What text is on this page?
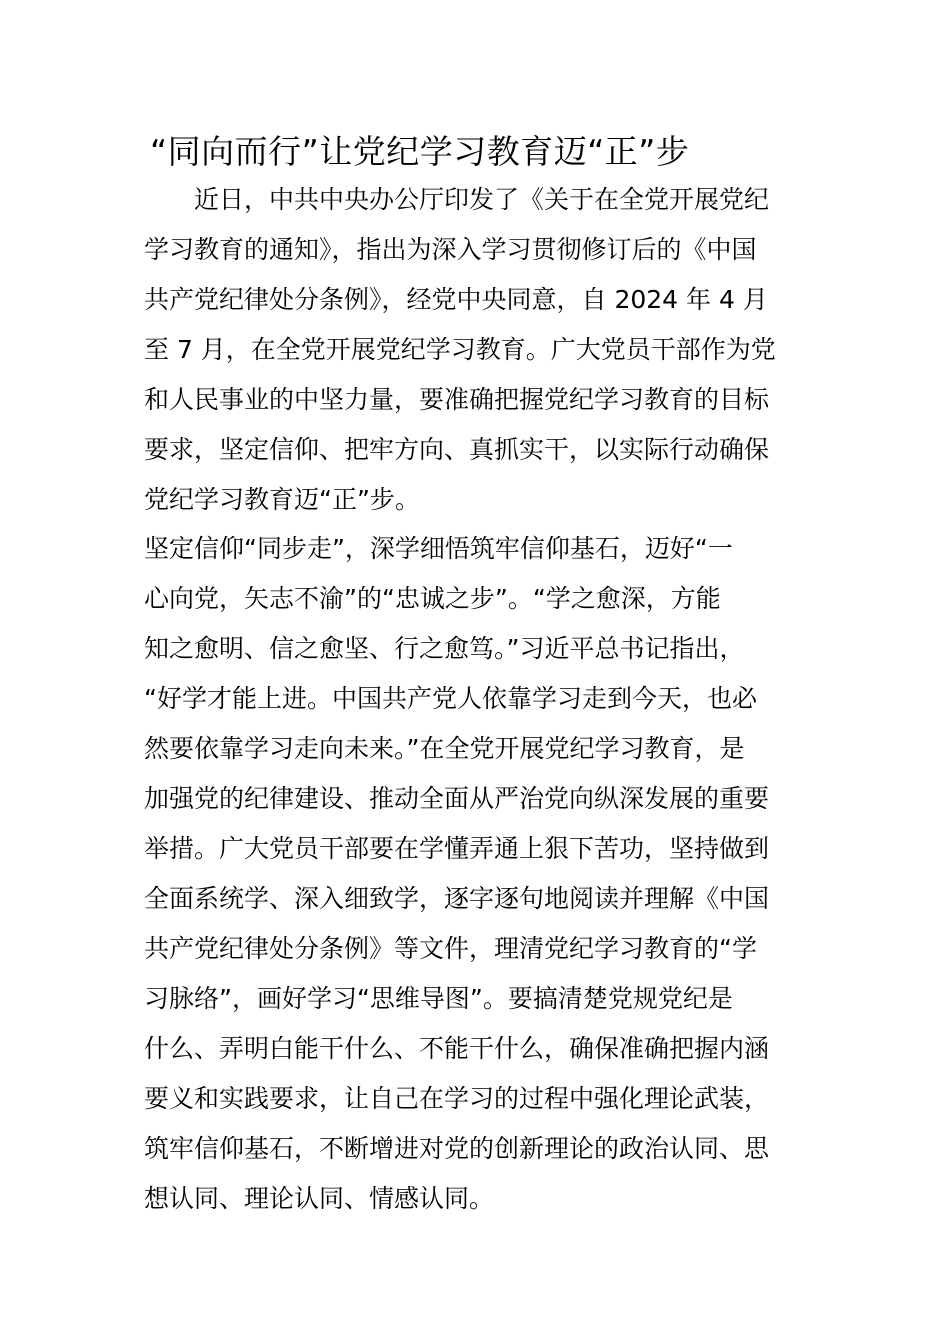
“同向而行”让党纪学习教育迈“正”步
　　近日，中共中央办公厅印发了《关于在全党开展党纪
学习教育的通知》，指出为深入学习贯彻修订后的《中国
共产党纪律处分条例》，经党中央同意，自 2024 年 4 月
至 7 月，在全党开展党纪学习教育。广大党员干部作为党
和人民事业的中坚力量，要准确把握党纪学习教育的目标
要求，坚定信仰、把牢方向、真抓实干，以实际行动确保
党纪学习教育迈“正”步。
坚定信仰“同步走”，深学细悟筑牢信仰基石，迈好“一
心向党，矢志不渝”的“忠诚之步”。“学之愈深，方能
知之愈明、信之愈坚、行之愈笃。”习近平总书记指出，
“好学才能上进。中国共产党人依靠学习走到今天，也必
然要依靠学习走向未来。”在全党开展党纪学习教育，是
加强党的纪律建设、推动全面从严治党向纵深发展的重要
举措。广大党员干部要在学懂弄通上狠下苦功，坚持做到
全面系统学、深入细致学，逐字逐句地阅读并理解《中国
共产党纪律处分条例》等文件，理清党纪学习教育的“学
习脉络”，画好学习“思维导图”。要搞清楚党规党纪是
什么、弄明白能干什么、不能干什么，确保准确把握内涵
要义和实践要求，让自己在学习的过程中强化理论武装，
筑牢信仰基石，不断增进对党的创新理论的政治认同、思
想认同、理论认同、情感认同。
